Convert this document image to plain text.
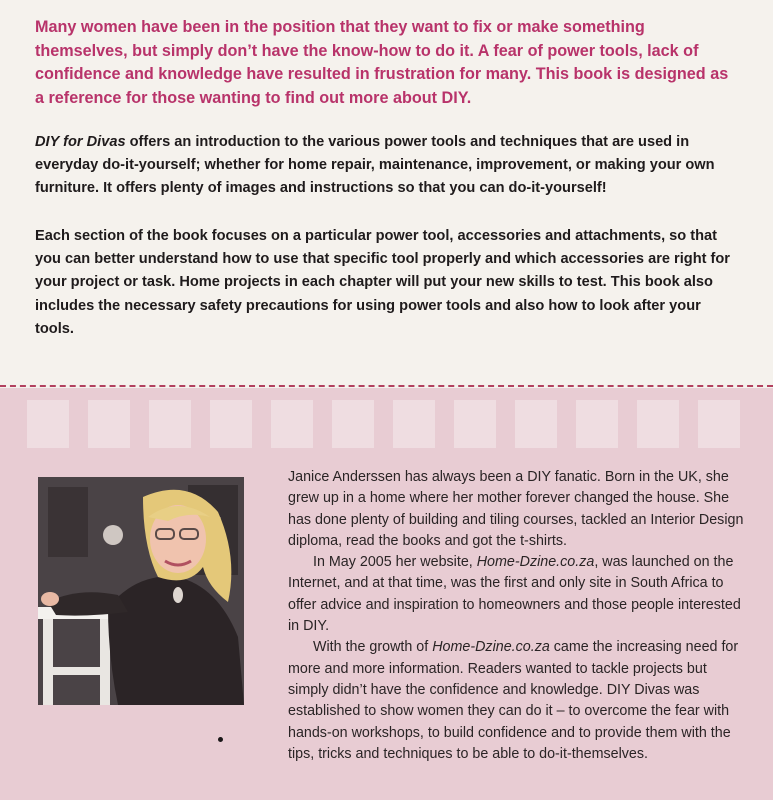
Many women have been in the position that they want to fix or make something themselves, but simply don’t have the know-how to do it. A fear of power tools, lack of confidence and knowledge have resulted in frustration for many. This book is designed as a reference for those wanting to find out more about DIY.

DIY for Divas offers an introduction to the various power tools and techniques that are used in everyday do-it-yourself; whether for home repair, maintenance, improvement, or making your own furniture. It offers plenty of images and instructions so that you can do-it-yourself!

Each section of the book focuses on a particular power tool, accessories and attachments, so that you can better understand how to use that specific tool properly and which accessories are right for your project or task. Home projects in each chapter will put your new skills to test. This book also includes the necessary safety precautions for using power tools and also how to look after your tools.

Janice Anderssen has always been a DIY fanatic. Born in the UK, she grew up in a home where her mother forever changed the house. She has done plenty of building and tiling courses, tackled an Interior Design diploma, read the books and got the t-shirts.

In May 2005 her website, Home-Dzine.co.za, was launched on the Internet, and at that time, was the first and only site in South Africa to offer advice and inspiration to homeowners and those people interested in DIY.

With the growth of Home-Dzine.co.za came the increasing need for more and more information. Readers wanted to tackle projects but simply didn’t have the confidence and knowledge. DIY Divas was established to show women they can do it – to overcome the fear with hands-on workshops, to build confidence and to provide them with the tips, tricks and techniques to be able to do-it-themselves.
